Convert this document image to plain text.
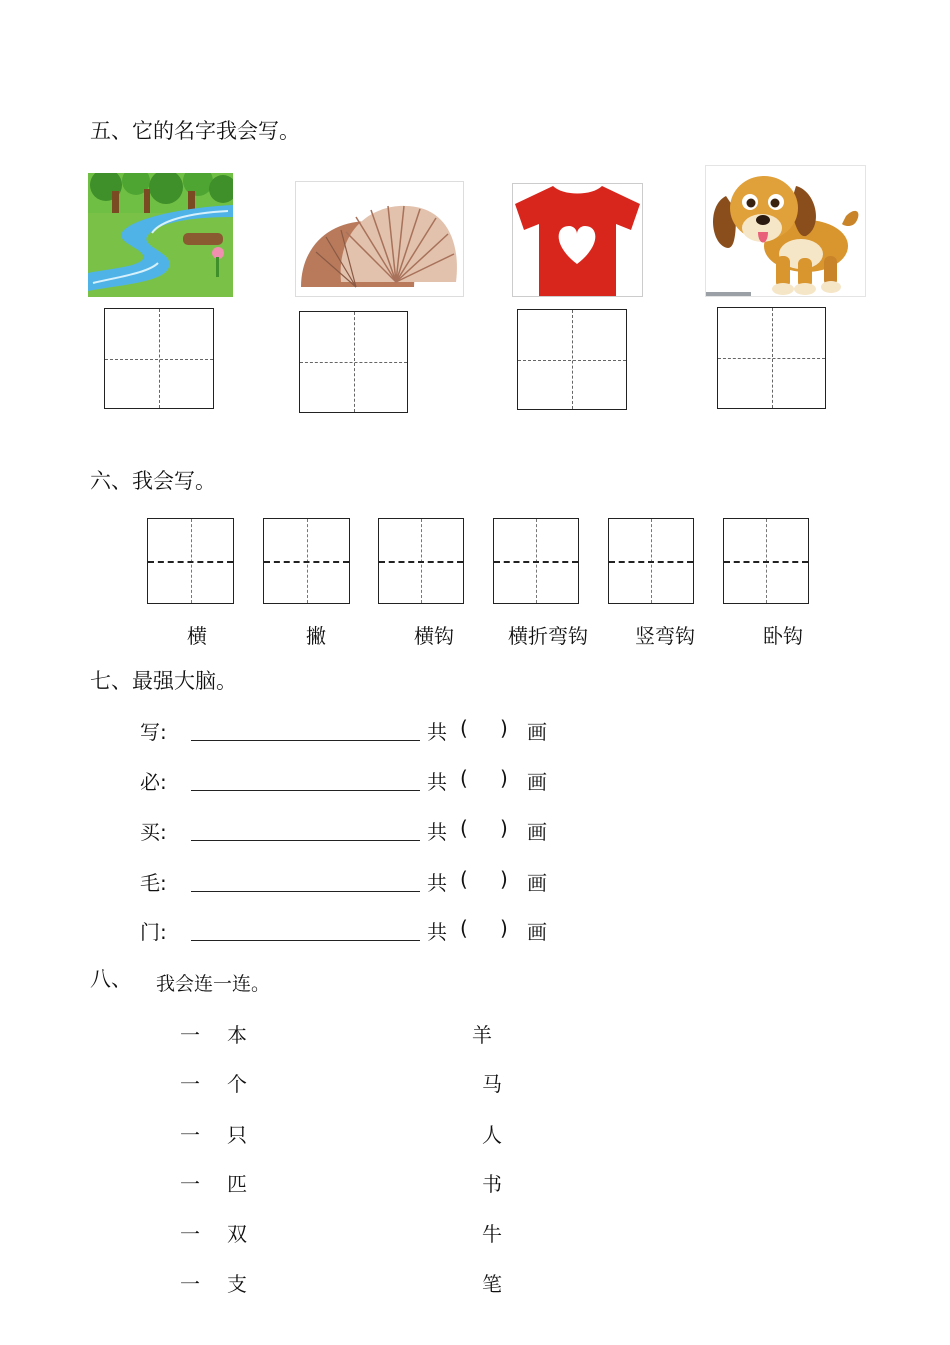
五、它的名字我会写。
六、我会写。
横	撇	横钩	横折弯钩	竖弯钩	卧钩
七、最强大脑。
写:	共 ( ) 画
必:	共 ( ) 画
买:	共 ( ) 画
毛:	共 ( ) 画
门:	共 ( ) 画
八、 我会连一连。
一 本	羊
一 个	马
一 只	人
一 匹	书
一 双	牛
一 支	笔
